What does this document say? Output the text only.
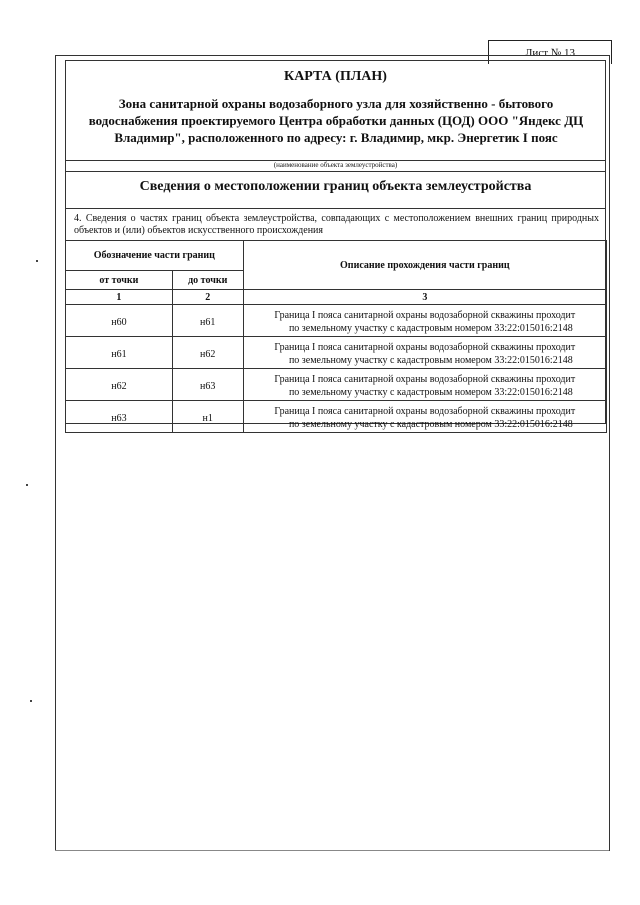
Лист № 13
КАРТА (ПЛАН)
Зона санитарной охраны водозаборного узла для хозяйственно - бытового водоснабжения проектируемого Центра обработки данных (ЦОД) ООО "Яндекс ДЦ Владимир", расположенного по адресу: г. Владимир, мкр. Энергетик I пояс
(наименование объекта землеустройства)
Сведения о местоположении границ объекта землеустройства
4. Сведения о частях границ объекта землеустройства, совпадающих с местоположением внешних границ природных объектов и (или) объектов искусственного происхождения
Обозначение части границ		Описание прохождения части границ
от точки	до точки	
1	2	3
н60	н61	Граница I пояса санитарной охраны водозаборной скважины проходит
по земельному участку с кадастровым номером 33:22:015016:2148

н61	н62	Граница I пояса санитарной охраны водозаборной скважины проходит
по земельному участку с кадастровым номером 33:22:015016:2148

н62	н63	Граница I пояса санитарной охраны водозаборной скважины проходит
по земельному участку с кадастровым номером 33:22:015016:2148

н63	н1	Граница I пояса санитарной охраны водозаборной скважины проходит
по земельному участку с кадастровым номером 33:22:015016:2148
